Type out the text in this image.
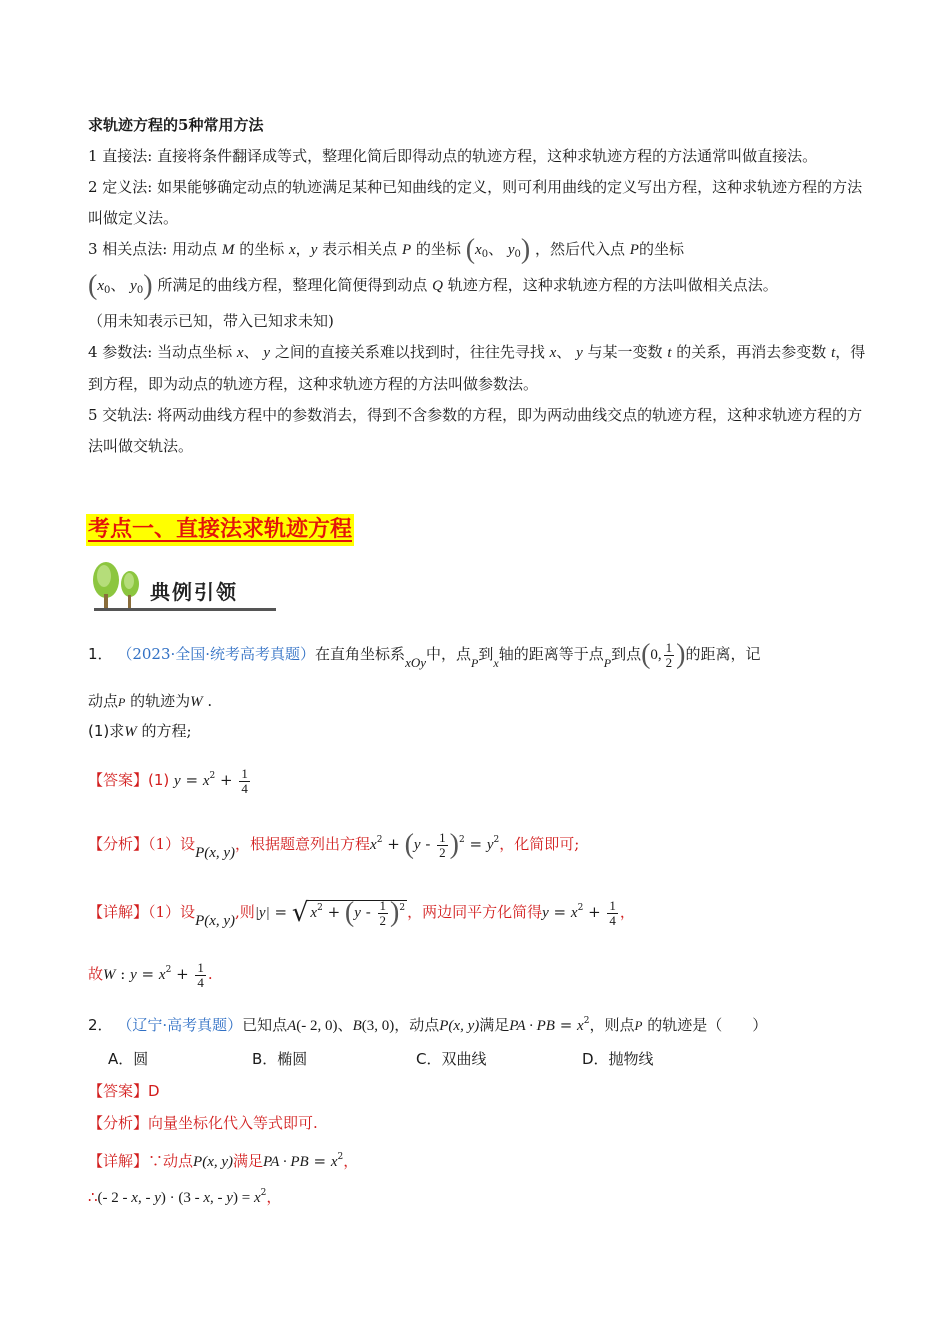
求轨迹方程的5种常用方法
1 直接法: 直接将条件翻译成等式，整理化简后即得动点的轨迹方程，这种求轨迹方程的方法通常叫做直接法。
2 定义法: 如果能够确定动点的轨迹满足某种已知曲线的定义，则可利用曲线的定义写出方程，这种求轨迹方程的方法叫做定义法。
3 相关点法: 用动点 M 的坐标 x，y 表示相关点 P 的坐标 ($x_0$、 $y_0$) ，然后代入点 P的坐标
($x_0$、 $y_0$) 所满足的曲线方程，整理化简便得到动点 Q 轨迹方程，这种求轨迹方程的方法叫做相关点法。
（用未知表示已知，带入已知求未知)
4 参数法: 当动点坐标 x、 y 之间的直接关系难以找到时，往往先寻找 x、 y 与某一变数 t 的关系，再消去参变数 t，得到方程，即为动点的轨迹方程，这种求轨迹方程的方法叫做参数法。
5 交轨法: 将两动曲线方程中的参数消去，得到不含参数的方程，即为两动曲线交点的轨迹方程，这种求轨迹方程的方法叫做交轨法。
考点一、直接法求轨迹方程
典例引领
1． （2023·全国·统考高考真题）在直角坐标系xOy中，点$_P$到$_x$轴的距离等于点$_P$到点(0, $\frac{1}{2}$ )的距离，记
动点P 的轨迹为W .
(1)求W 的方程;
【答案】(1) $y = x^2 + \frac{1}{4}$
【分析】（1）设P(x, y)，根据题意列出方程$x^2 + (y - \frac{1}{2} )^2 = y^2$，化简即可;
【详解】（1）设P(x, y),则|y| = √ $x^2 + (y - \frac{1}{2} )^2$ ，两边同平方化简得$y = x^2 + \frac{1}{4}$ ，
故W : $y = x^2 + \frac{1}{4}$ .
2． （辽宁·高考真题）已知点A(- 2, 0)、B(3, 0)，动点P(x, y)满足PA · PB = $x^2$，则点P 的轨迹是（　　）
A．圆	B．椭圆	C．双曲线	D．抛物线
【答案】D
【分析】向量坐标化代入等式即可.
【详解】∵动点P(x, y)满足PA · PB = $x^2$，
∴(- 2 - x, - y) · (3 - x, - $y) = x^2$，
